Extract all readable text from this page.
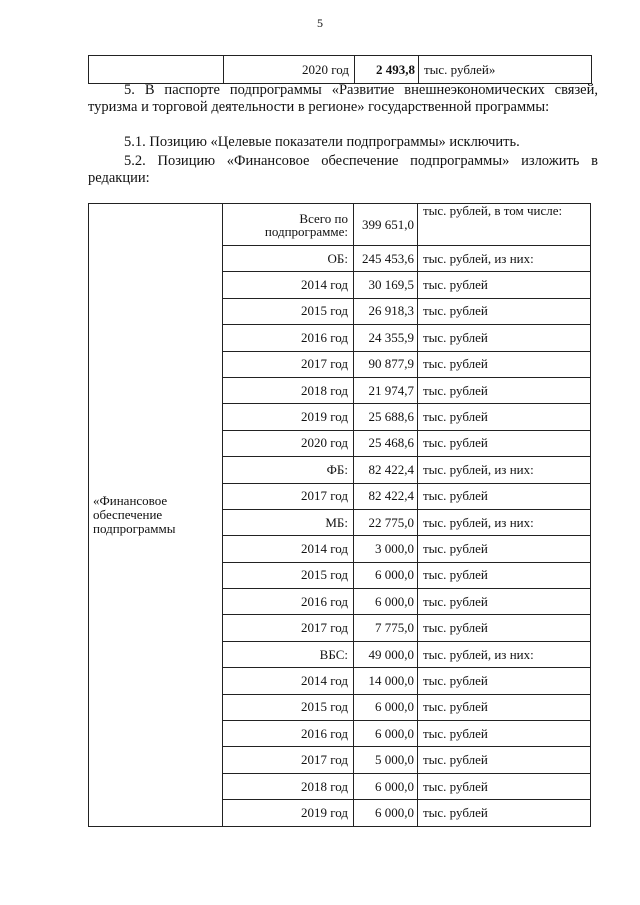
5
	2020 год	2 493,8	тыс. рублей»

5. В паспорте подпрограммы «Развитие внешнеэкономических связей, туризма и торговой деятельности в регионе» государственной программы:

5.1. Позицию «Целевые показатели подпрограммы» исключить.

5.2. Позицию «Финансовое обеспечение подпрограммы» изложить в редакции:

«Финансовое обеспечение подпрограммы	Всего по подпрограмме:	399 651,0	тыс. рублей, в том числе:
	ОБ:	245 453,6	тыс. рублей, из них:
	2014 год	30 169,5	тыс. рублей
	2015 год	26 918,3	тыс. рублей
	2016 год	24 355,9	тыс. рублей
	2017 год	90 877,9	тыс. рублей
	2018 год	21 974,7	тыс. рублей
	2019 год	25 688,6	тыс. рублей
	2020 год	25 468,6	тыс. рублей
	ФБ:	82 422,4	тыс. рублей, из них:
	2017 год	82 422,4	тыс. рублей
	МБ:	22 775,0	тыс. рублей, из них:
	2014 год	3 000,0	тыс. рублей
	2015 год	6 000,0	тыс. рублей
	2016 год	6 000,0	тыс. рублей
	2017 год	7 775,0	тыс. рублей
	ВБС:	49 000,0	тыс. рублей, из них:
	2014 год	14 000,0	тыс. рублей
	2015 год	6 000,0	тыс. рублей
	2016 год	6 000,0	тыс. рублей
	2017 год	5 000,0	тыс. рублей
	2018 год	6 000,0	тыс. рублей
	2019 год	6 000,0	тыс. рублей
